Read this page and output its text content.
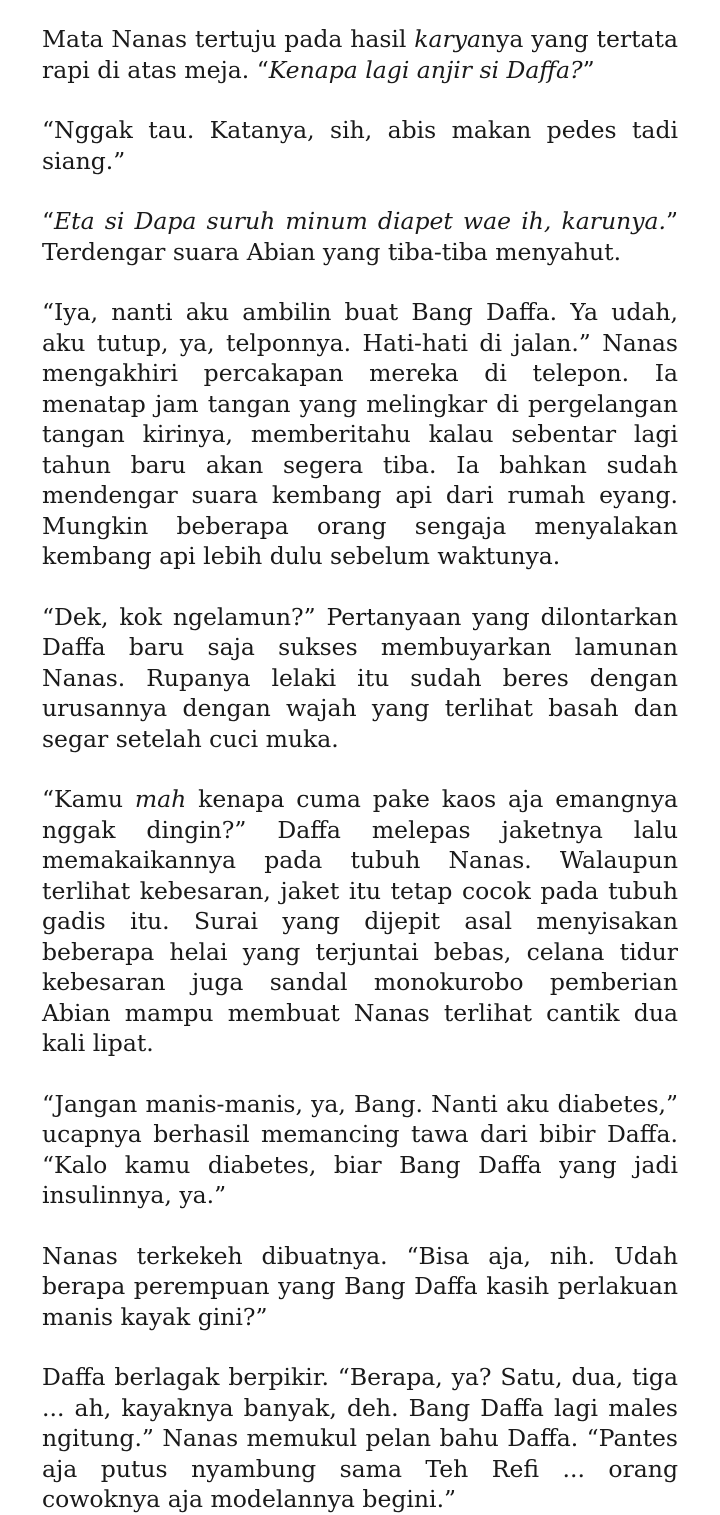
Mata Nanas tertuju pada hasil karyanya yang tertata rapi di atas meja. “Kenapa lagi anjir si Daffa?”

“Nggak tau. Katanya, sih, abis makan pedes tadi siang.”

“Eta si Dapa suruh minum diapet wae ih, karunya.” Terdengar suara Abian yang tiba-tiba menyahut.

“Iya, nanti aku ambilin buat Bang Daffa. Ya udah, aku tutup, ya, telponnya. Hati-hati di jalan.” Nanas mengakhiri percakapan mereka di telepon. Ia menatap jam tangan yang melingkar di pergelangan tangan kirinya, memberitahu kalau sebentar lagi tahun baru akan segera tiba. Ia bahkan sudah mendengar suara kembang api dari rumah eyang. Mungkin beberapa orang sengaja menyalakan kembang api lebih dulu sebelum waktunya.

“Dek, kok ngelamun?” Pertanyaan yang dilontarkan Daffa baru saja sukses membuyarkan lamunan Nanas. Rupanya lelaki itu sudah beres dengan urusannya dengan wajah yang terlihat basah dan segar setelah cuci muka.

“Kamu mah kenapa cuma pake kaos aja emangnya nggak dingin?” Daffa melepas jaketnya lalu memakaikannya pada tubuh Nanas. Walaupun terlihat kebesaran, jaket itu tetap cocok pada tubuh gadis itu. Surai yang dijepit asal menyisakan beberapa helai yang terjuntai bebas, celana tidur kebesaran juga sandal monokurobo pemberian Abian mampu membuat Nanas terlihat cantik dua kali lipat.

“Jangan manis-manis, ya, Bang. Nanti aku diabetes,” ucapnya berhasil memancing tawa dari bibir Daffa. “Kalo kamu diabetes, biar Bang Daffa yang jadi insulinnya, ya.”

Nanas terkekeh dibuatnya. “Bisa aja, nih. Udah berapa perempuan yang Bang Daffa kasih perlakuan manis kayak gini?”

Daffa berlagak berpikir. “Berapa, ya? Satu, dua, tiga ... ah, kayaknya banyak, deh. Bang Daffa lagi males ngitung.” Nanas memukul pelan bahu Daffa. “Pantes aja putus nyambung sama Teh Refi ... orang cowoknya aja modelannya begini.”
